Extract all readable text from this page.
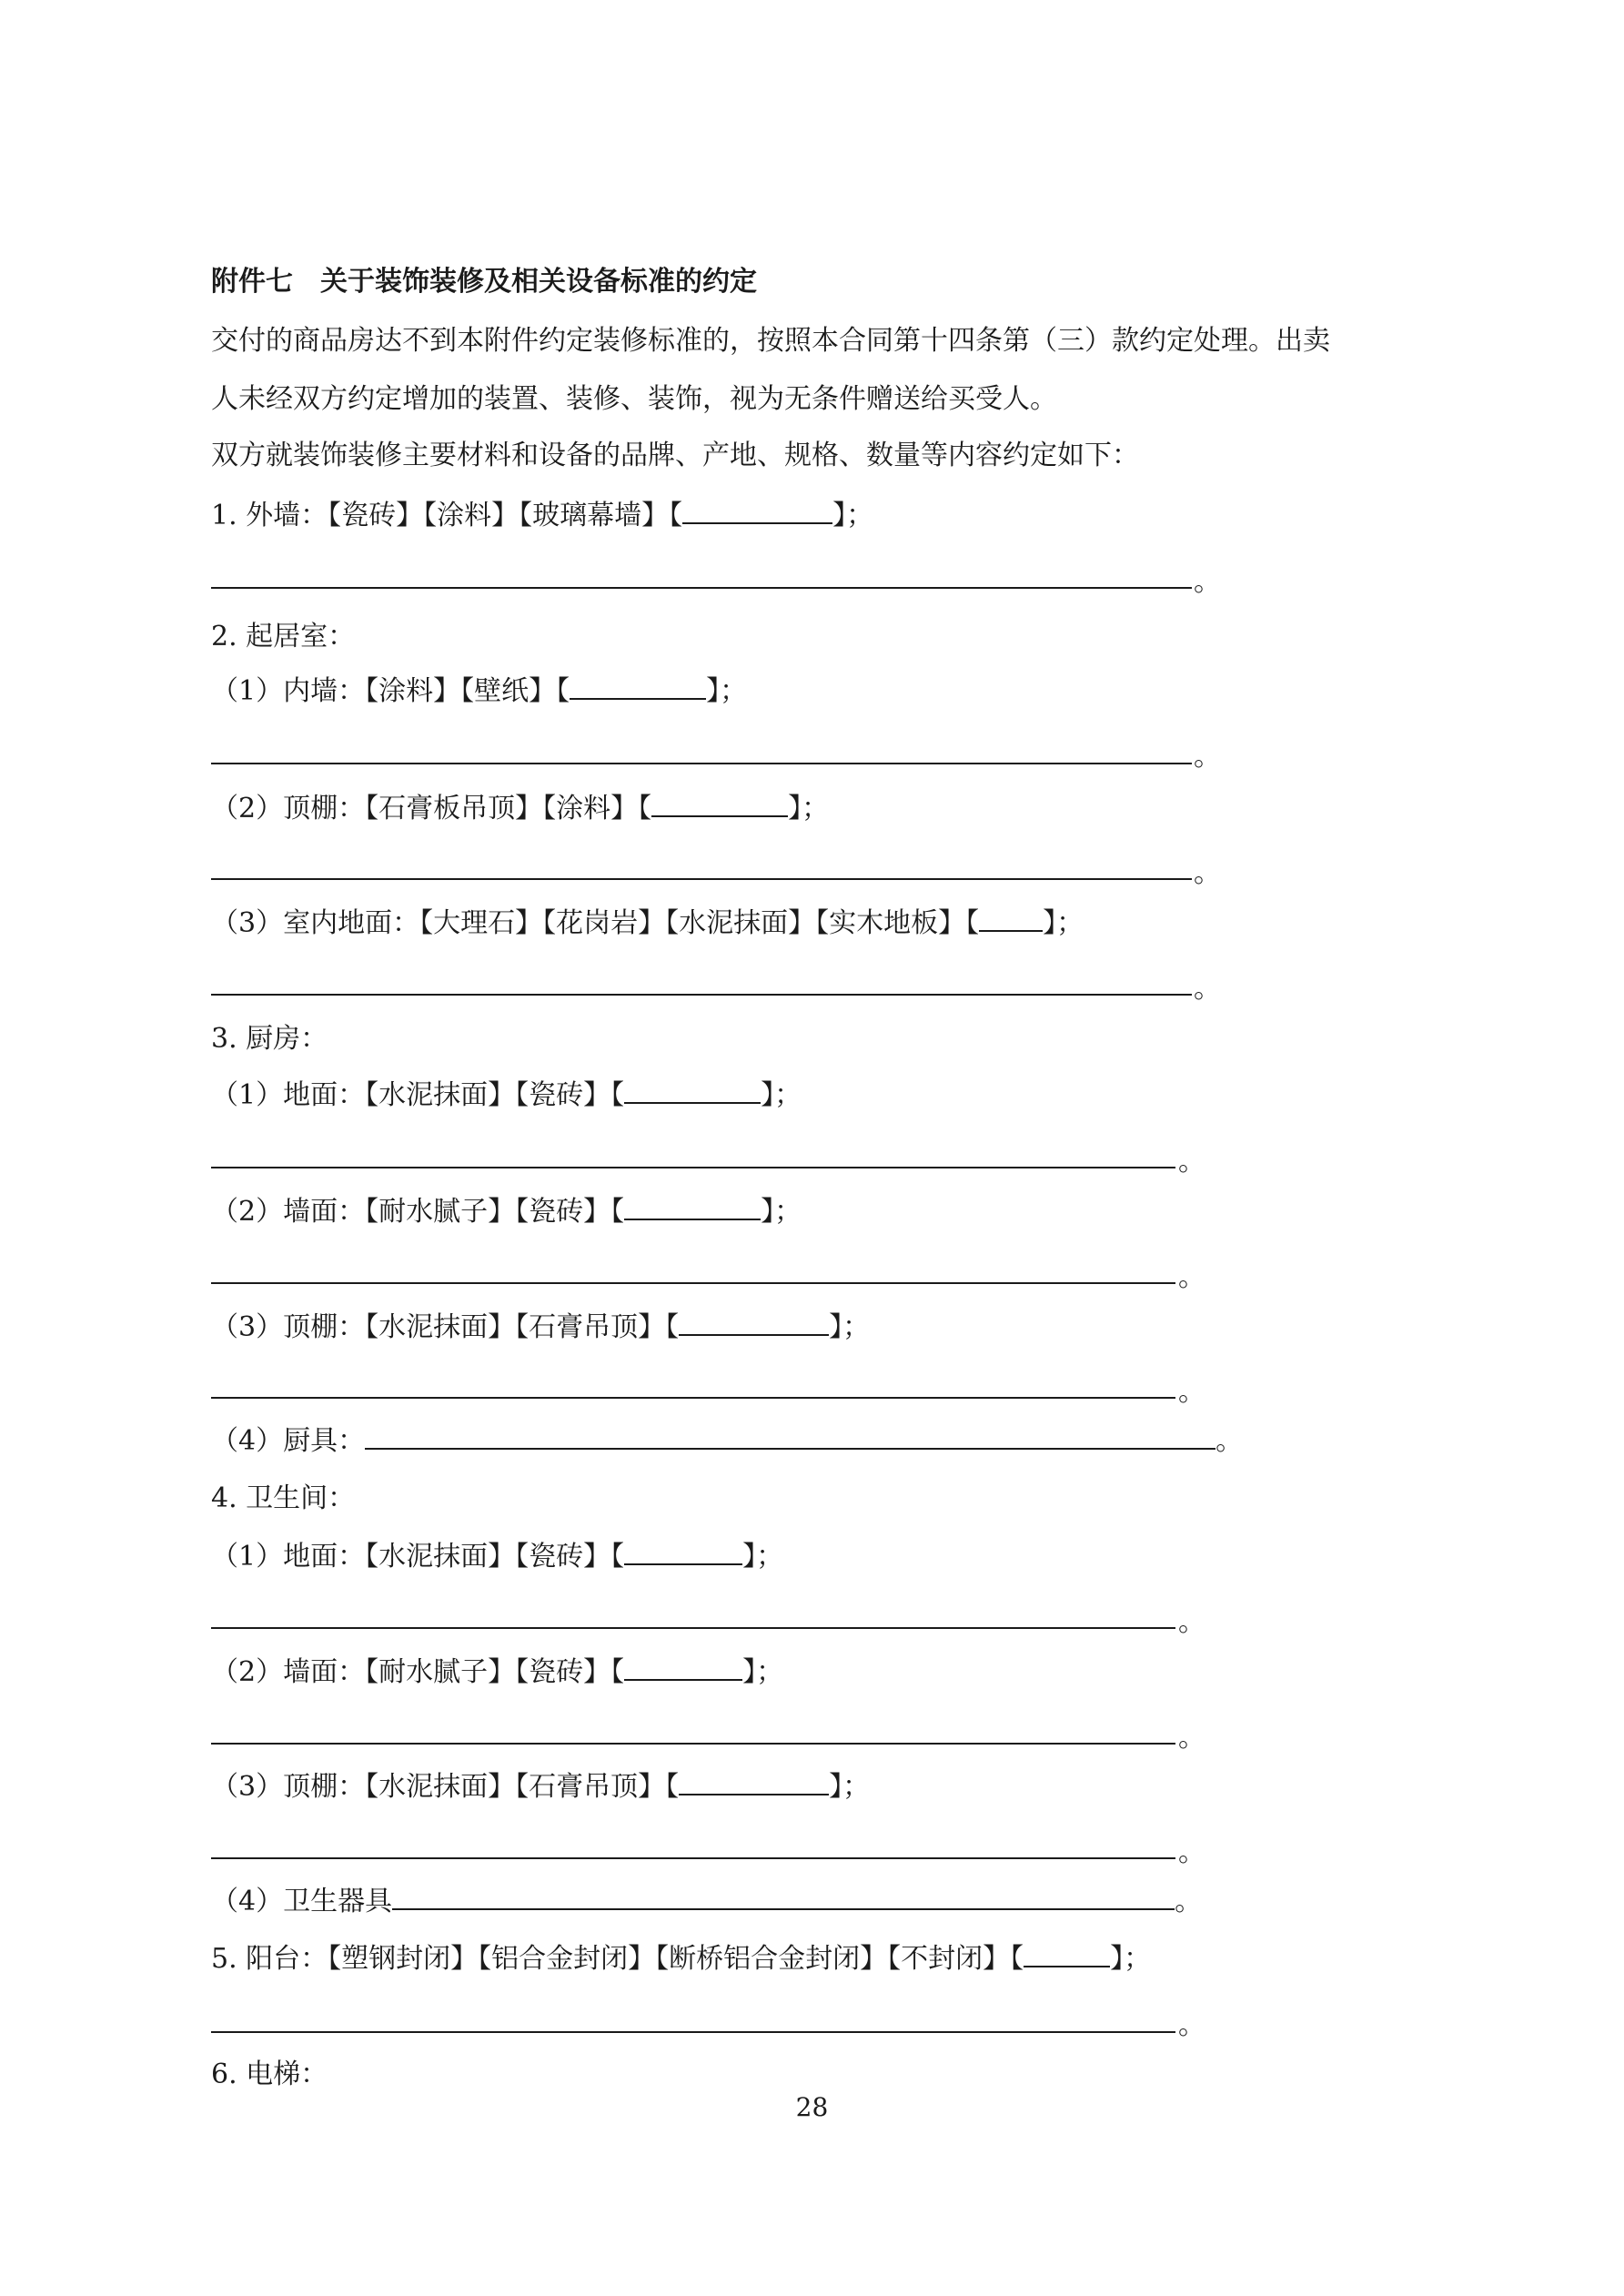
附件七 关于装饰装修及相关设备标准的约定
交付的商品房达不到本附件约定装修标准的，按照本合同第十四条第（三）款约定处理。出卖
人未经双方约定增加的装置、装修、装饰，视为无条件赠送给买受人。
双方就装饰装修主要材料和设备的品牌、产地、规格、数量等内容约定如下：
1. 外墙：【瓷砖】【涂料】【玻璃幕墙】【	】；
。
2. 起居室：
（1）内墙：【涂料】【壁纸】【	】；
。
（2）顶棚：【石膏板吊顶】【涂料】【	】；
。
（3）室内地面：【大理石】【花岗岩】【水泥抹面】【实木地板】【 】；
。
3. 厨房：
（1）地面：【水泥抹面】【瓷砖】【	】；
。
（2）墙面：【耐水腻子】【瓷砖】【	】；
。
（3）顶棚：【水泥抹面】【石膏吊顶】【	】；
。
（4）厨具：	。
4. 卫生间：
（1）地面：【水泥抹面】【瓷砖】【	】；
。
（2）墙面：【耐水腻子】【瓷砖】【	】；
。
（3）顶棚：【水泥抹面】【石膏吊顶】【	】；
。
（4）卫生器具	。
5. 阳台：【塑钢封闭】【铝合金封闭】【断桥铝合金封闭】【不封闭】【	】；
。
6. 电梯：
28
